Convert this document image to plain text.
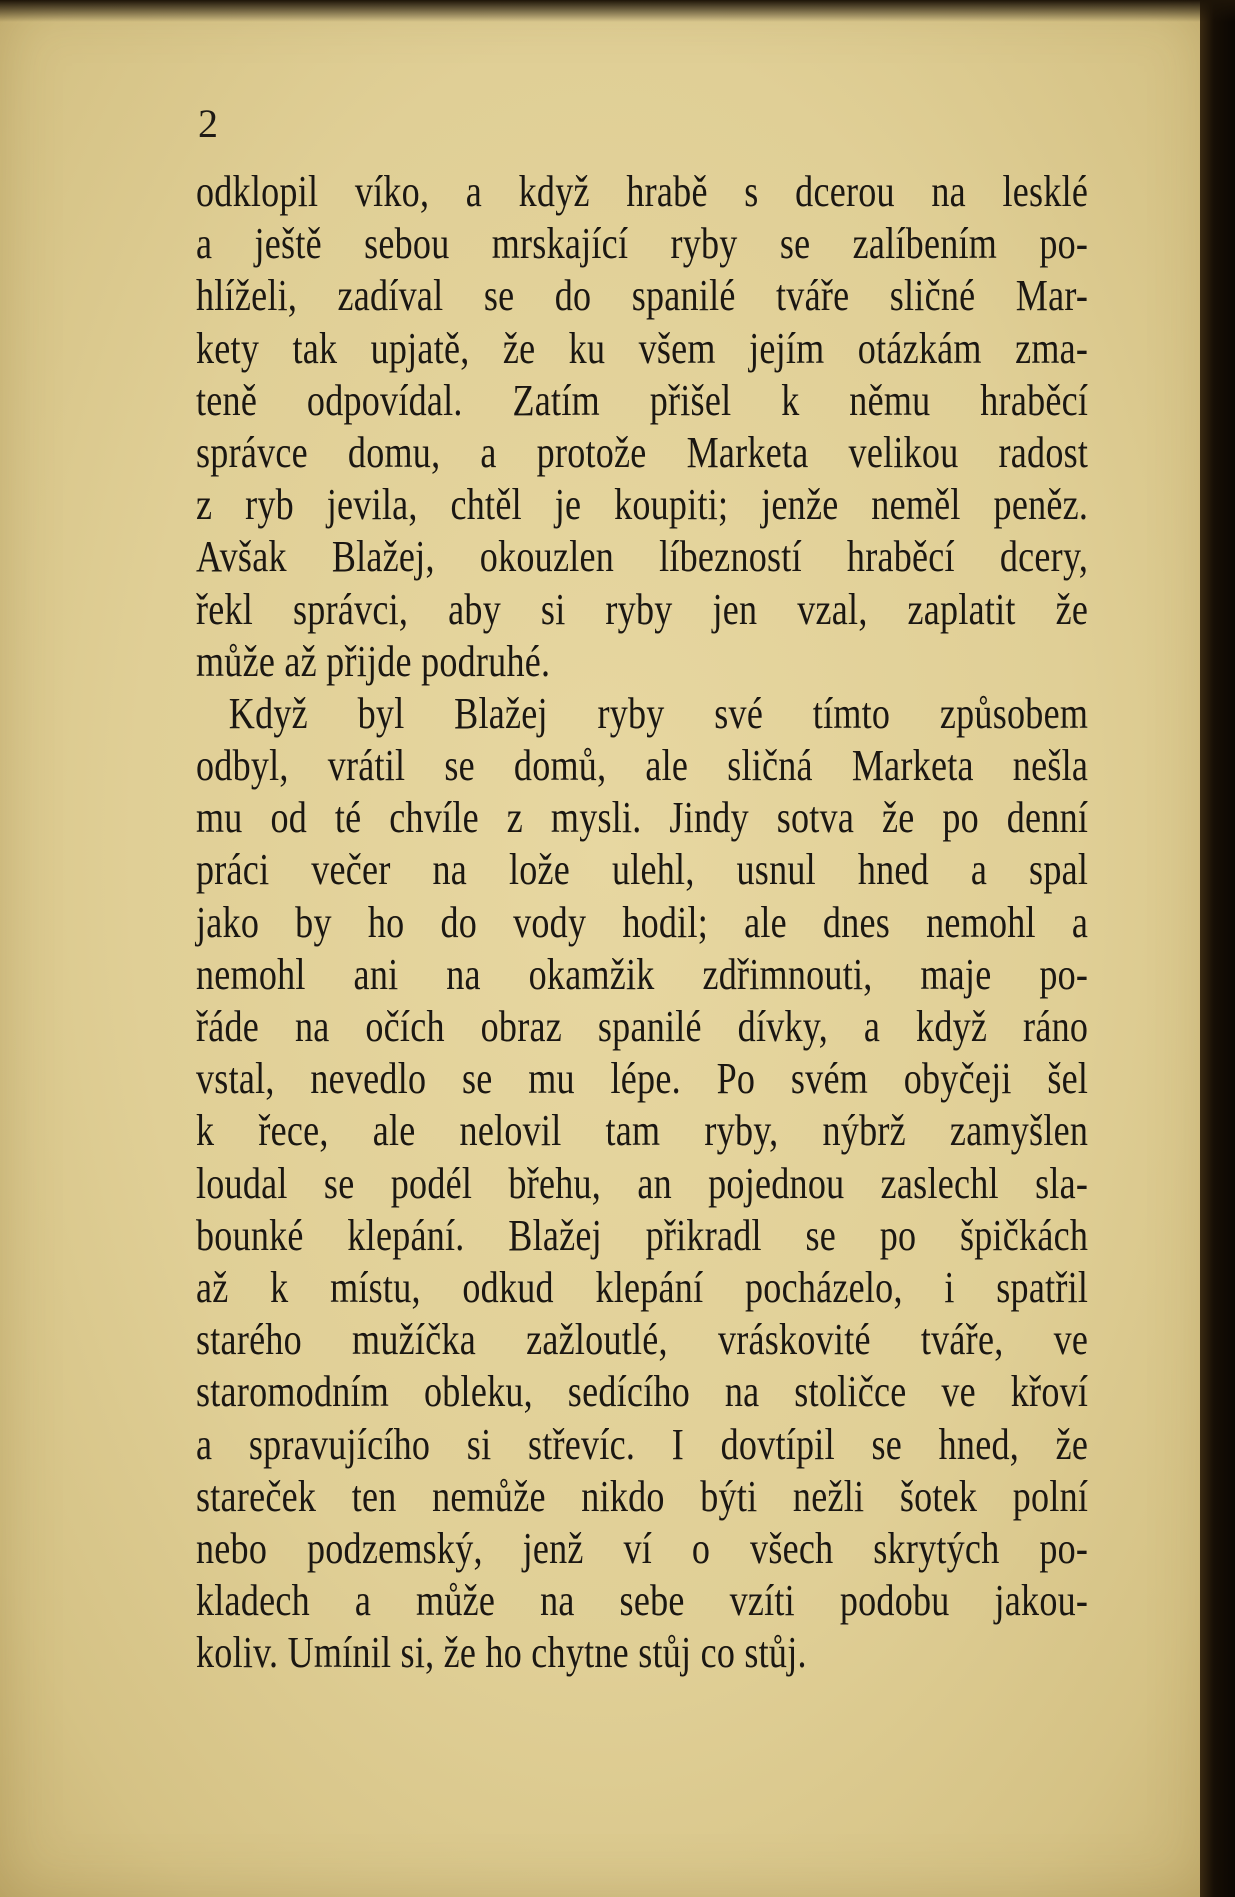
2
odklopil víko, a když hrabě s dcerou na lesklé
a ještě sebou mrskající ryby se zalíbením po-
hlíželi, zadíval se do spanilé tváře sličné Mar-
kety tak upjatě, že ku všem jejím otázkám zma-
teně odpovídal. Zatím přišel k němu hraběcí
správce domu, a protože Marketa velikou radost
z ryb jevila, chtěl je koupiti; jenže neměl peněz.
Avšak Blažej, okouzlen líbezností hraběcí dcery,
řekl správci, aby si ryby jen vzal, zaplatit že
může až přijde podruhé.
Když byl Blažej ryby své tímto způsobem
odbyl, vrátil se domů, ale sličná Marketa nešla
mu od té chvíle z mysli. Jindy sotva že po denní
práci večer na lože ulehl, usnul hned a spal
jako by ho do vody hodil; ale dnes nemohl a
nemohl ani na okamžik zdřimnouti, maje po-
řáde na očích obraz spanilé dívky, a když ráno
vstal, nevedlo se mu lépe. Po svém obyčeji šel
k řece, ale nelovil tam ryby, nýbrž zamyšlen
loudal se podél břehu, an pojednou zaslechl sla-
bounké klepání. Blažej přikradl se po špičkách
až k místu, odkud klepání pocházelo, i spatřil
starého mužíčka zažloutlé, vráskovité tváře, ve
staromodním obleku, sedícího na stoličce ve křoví
a spravujícího si střevíc. I dovtípil se hned, že
stareček ten nemůže nikdo býti nežli šotek polní
nebo podzemský, jenž ví o všech skrytých po-
kladech a může na sebe vzíti podobu jakou-
koliv. Umínil si, že ho chytne stůj co stůj.
